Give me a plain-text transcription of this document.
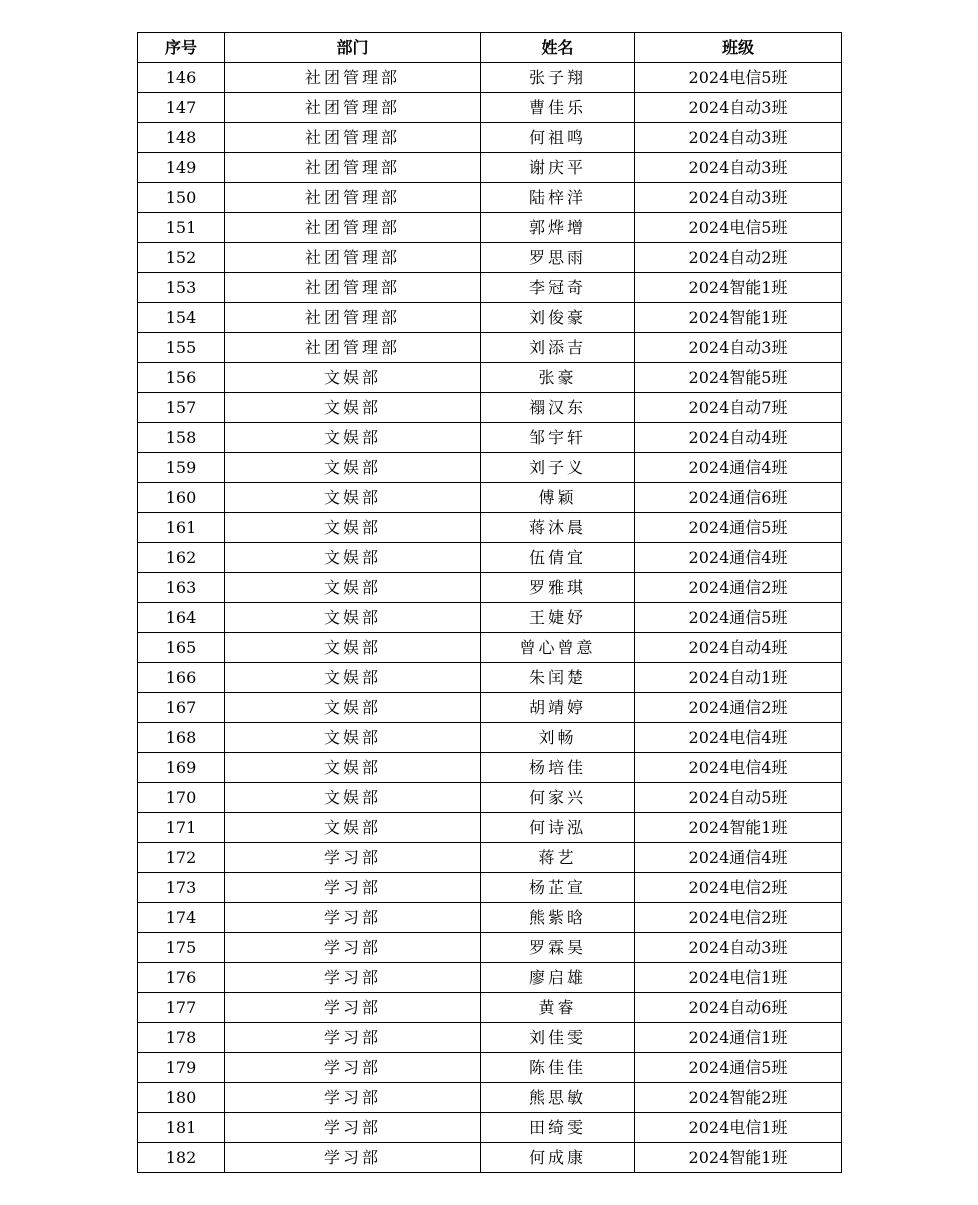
序号	部门	姓名	班级
146	社团管理部	张子翔	2024电信5班
147	社团管理部	曹佳乐	2024自动3班
148	社团管理部	何祖鸣	2024自动3班
149	社团管理部	谢庆平	2024自动3班
150	社团管理部	陆梓洋	2024自动3班
151	社团管理部	郭烨增	2024电信5班
152	社团管理部	罗思雨	2024自动2班
153	社团管理部	李冠奇	2024智能1班
154	社团管理部	刘俊豪	2024智能1班
155	社团管理部	刘添吉	2024自动3班
156	文娱部	张豪	2024智能5班
157	文娱部	禤汉东	2024自动7班
158	文娱部	邹宇轩	2024自动4班
159	文娱部	刘子义	2024通信4班
160	文娱部	傅颖	2024通信6班
161	文娱部	蒋沐晨	2024通信5班
162	文娱部	伍倩宜	2024通信4班
163	文娱部	罗雅琪	2024通信2班
164	文娱部	王婕妤	2024通信5班
165	文娱部	曾心曾意	2024自动4班
166	文娱部	朱闰楚	2024自动1班
167	文娱部	胡靖婷	2024通信2班
168	文娱部	刘畅	2024电信4班
169	文娱部	杨培佳	2024电信4班
170	文娱部	何家兴	2024自动5班
171	文娱部	何诗泓	2024智能1班
172	学习部	蒋艺	2024通信4班
173	学习部	杨芷宣	2024电信2班
174	学习部	熊紫晗	2024电信2班
175	学习部	罗霖昊	2024自动3班
176	学习部	廖启雄	2024电信1班
177	学习部	黄睿	2024自动6班
178	学习部	刘佳雯	2024通信1班
179	学习部	陈佳佳	2024通信5班
180	学习部	熊思敏	2024智能2班
181	学习部	田绮雯	2024电信1班
182	学习部	何成康	2024智能1班
